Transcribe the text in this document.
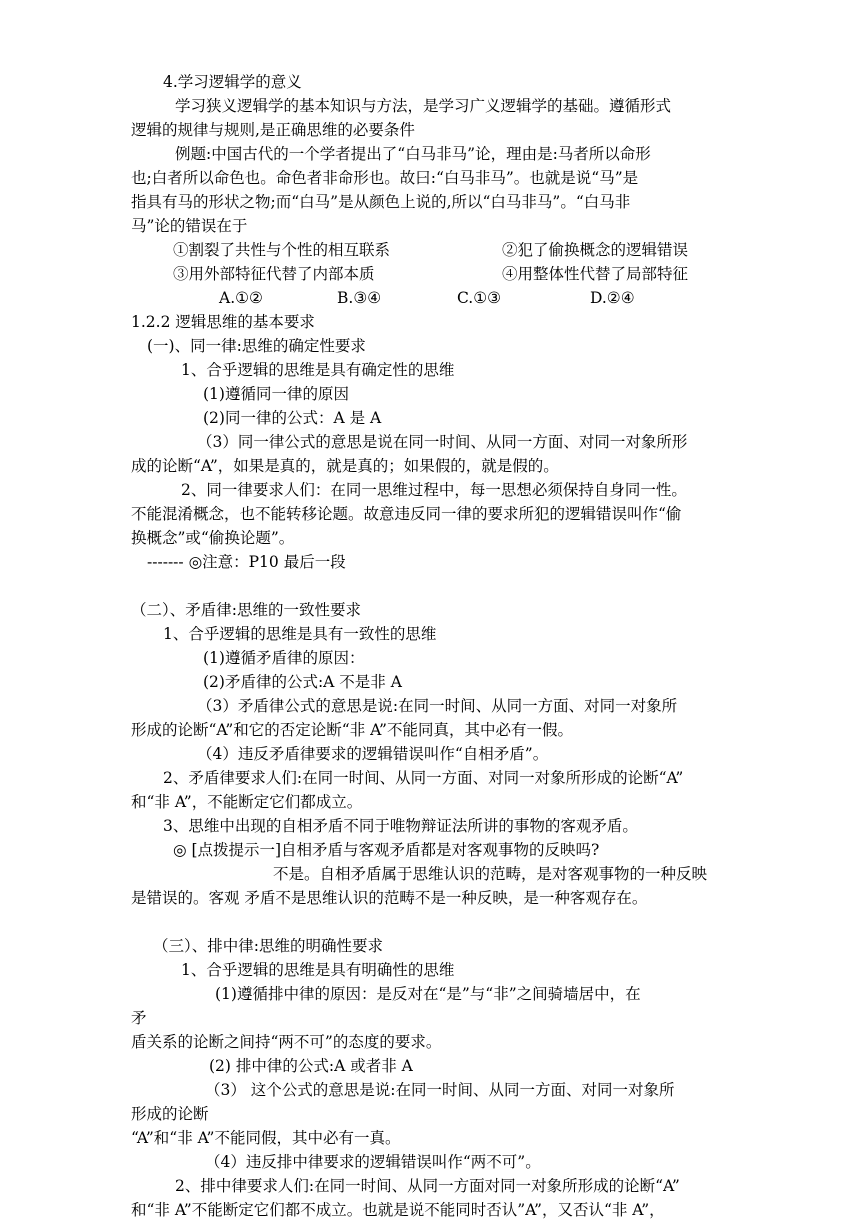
4.学习逻辑学的意义
学习狭义逻辑学的基本知识与方法，是学习广义逻辑学的基础。遵循形式
逻辑的规律与规则,是正确思维的必要条件
例题:中国古代的一个学者提出了“白马非马”论，理由是:马者所以命形
也;白者所以命色也。命色者非命形也。故曰:“白马非马”。也就是说“马”是
指具有马的形状之物;而“白马”是从颜色上说的,所以“白马非马”。“白马非
马”论的错误在于
①割裂了共性与个性的相互联系	②犯了偷换概念的逻辑错误
③用外部特征代替了内部本质	④用整体性代替了局部特征
A.①②	B.③④	C.①③	D.②④
1.2.2 逻辑思维的基本要求
(一)、同一律:思维的确定性要求
1、合乎逻辑的思维是具有确定性的思维
(1)遵循同一律的原因
(2)同一律的公式：A 是 A
（3）同一律公式的意思是说在同一时间、从同一方面、对同一对象所形
成的论断“A”，如果是真的，就是真的；如果假的，就是假的。
2、同一律要求人们：在同一思维过程中，每一思想必须保持自身同一性。
不能混淆概念，也不能转移论题。故意违反同一律的要求所犯的逻辑错误叫作“偷
换概念”或“偷换论题”。
------- ◎注意：P10 最后一段
（二）、矛盾律:思维的一致性要求
1、合乎逻辑的思维是具有一致性的思维
(1)遵循矛盾律的原因：
(2)矛盾律的公式:A 不是非 A
（3）矛盾律公式的意思是说:在同一时间、从同一方面、对同一对象所
形成的论断“A”和它的否定论断“非 A”不能同真，其中必有一假。
（4）违反矛盾律要求的逻辑错误叫作“自相矛盾”。
2、矛盾律要求人们:在同一时间、从同一方面、对同一对象所形成的论断“A”
和“非 A”，不能断定它们都成立。
3、思维中出现的自相矛盾不同于唯物辩证法所讲的事物的客观矛盾。
◎ [点拨提示一]自相矛盾与客观矛盾都是对客观事物的反映吗?
不是。自相矛盾属于思维认识的范畴，是对客观事物的一种反映
是错误的。客观 矛盾不是思维认识的范畴不是一种反映，是一种客观存在。
（三）、排中律:思维的明确性要求
1、合乎逻辑的思维是具有明确性的思维
(1)遵循排中律的原因：是反对在“是”与“非”之间骑墙居中，在
矛
盾关系的论断之间持“两不可”的态度的要求。
(2) 排中律的公式:A 或者非 A
（3） 这个公式的意思是说:在同一时间、从同一方面、对同一对象所
形成的论断
“A”和“非 A”不能同假，其中必有一真。
（4）违反排中律要求的逻辑错误叫作“两不可”。
2、排中律要求人们:在同一时间、从同一方面对同一对象所形成的论断“A”
和“非 A”不能断定它们都不成立。也就是说不能同时否认”A”，又否认“非 A”，
